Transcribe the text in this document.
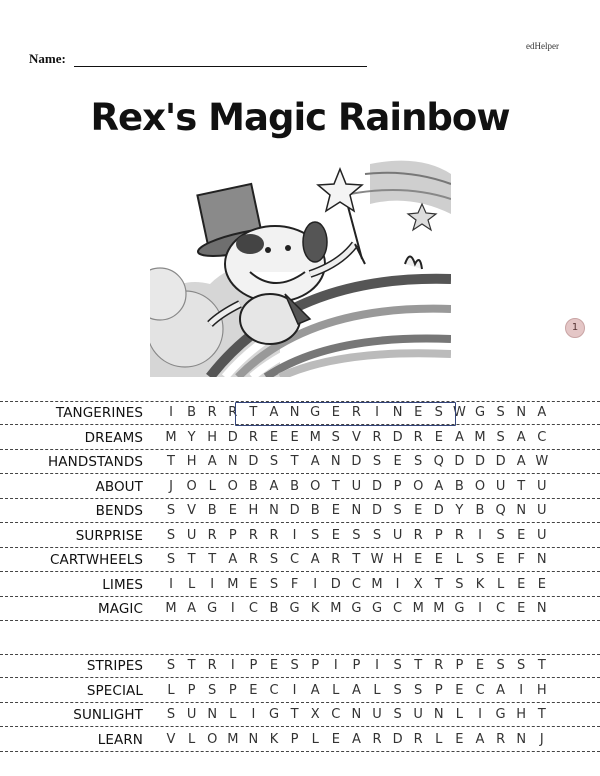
edHelper
Name:
Rex's Magic Rainbow
1
TANGERINES	I	B R R T A N G E R	I	N E S W G S N A
DREAMS	M Y H D R E E M S V R D R E A M S A C
HANDSTANDS	T H A N D S T A N D S E S Q D D D A W
ABOUT	J	O L O B A B O T U D P O A B O U T U
BENDS	S V B E H N D B E N D S E D Y B Q N U
SURPRISE	S U R P R R	I	S E S S U R P R	I	S E U
CARTWHEELS	S T T A R S C A R T W H E E L S E F N
LIMES	I	L	I	M E S F	I	D C M	I	X T S K L E E
MAGIC	M A G	I	C B G K M G G C M M G	I	C E N
STRIPES	S T R	I	P E S P	I	P	I	S T R P E S S T
SPECIAL	L	P S P E C	I	A L A L S S P E C A	I	H
SUNLIGHT	S U N L	I	G T X C N U S U N L	I	G H T
LEARN	V L O M N K P	L E A R D R L E A R N	J
